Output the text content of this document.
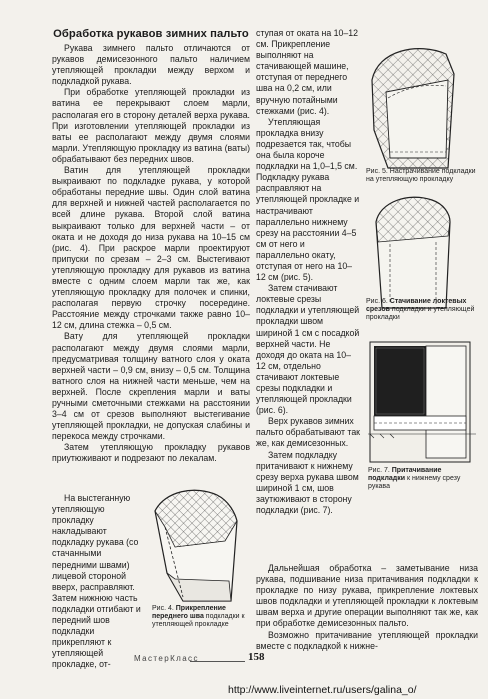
Обработка рукавов зимних пальто

Рукава зимнего пальто отличаются от рукавов демисезонного пальто наличием утепляющей прокладки между верхом и подкладкой рукава.

При обработке утепляющей прокладки из ватина ее перекрывают слоем марли, располагая его в сторону деталей верха рукава. При изготовлении утепляющей прокладки из ваты ее располагают между двумя слоями марли. Утепляющую прокладку из ватина (ваты) обрабатывают без передних швов.

Ватин для утепляющей прокладки выкраивают по подкладке рукава, у которой обработаны передние швы. Один слой ватина для верхней и нижней частей располагается по всей длине рукава. Второй слой ватина выкраивают только для верхней части – от оката и не доходя до низа рукава на 10–15 см (рис. 4). При раскрое марли проектируют припуски по срезам – 2–3 см. Выстегивают утепляющую прокладку для рукавов из ватина вместе с одним слоем марли так же, как утепляющую прокладку для полочек и спинки, располагая первую строчку посередине. Расстояние между строчками также равно 10–12 см, длина стежка – 0,5 см.

Вату для утепляющей прокладки располагают между двумя слоями марли, предусматривая толщину ватного слоя у оката верхней части – 0,9 см, внизу – 0,5 см. Толщина ватного слоя на нижней части меньше, чем на верхней. После скрепления марли и ваты ручными сметочными стежками на расстоянии 3–4 см от срезов выполняют выстегивание утепляющей прокладки, не допуская слабины и перекоса между строчками.

Затем утепляющую прокладку рукавов приутюживают и подрезают по лекалам.

На выстеганную утепляющую прокладку накладывают подкладку рукава (со стачанными передними швами) лицевой стороной вверх, расправляют. Затем нижнюю часть подкладки отгибают и передний шов подкладки прикрепляют к утепляющей прокладке, от-

Рис. 4. Прикрепление переднего шва подкладки к утепляющей прокладке

ступая от оката на 10–12 см. Прикрепление выполняют на стачивающей машине, отступая от переднего шва на 0,2 см, или вручную потайными стежками (рис. 4).

Утепляющая прокладка внизу подрезается так, чтобы она была короче подкладки на 1,0–1,5 см. Подкладку рукава расправляют на утепляющей прокладке и настрачивают параллельно нижнему срезу на расстоянии 4–5 см от него и параллельно окату, отступая от него на 10–12 см (рис. 5).

Затем стачивают локтевые срезы подкладки и утепляющей прокладки швом шириной 1 см с посадкой верхней части. Не доходя до оката на 10–12 см, отдельно стачивают локтевые срезы подкладки и утепляющей прокладки (рис. 6).

Верх рукавов зимних пальто обрабатывают так же, как демисезонных.

Затем подкладку притачивают к нижнему срезу верха рукава швом шириной 1 см, шов заутюживают в сторону подкладки (рис. 7).

Рис. 5. Настрачивание подкладки на утепляющую прокладку
Рис. 6. Стачивание локтевых срезов подкладки и утепляющей прокладки
Рис. 7. Притачивание подкладки к нижнему срезу рукава

Дальнейшая обработка – заметывание низа рукава, подшивание низа притачивания подкладки к прокладке по низу рукава, прикрепление локтевых швов подкладки и утепляющей прокладки к локтевым швам верха и другие операции выполняют так же, как при обработке демисезонных пальто.

Возможно притачивание утепляющей прокладки вместе с подкладкой к нижне-

МастерКласс	158
http://www.liveinternet.ru/users/galina_o/
